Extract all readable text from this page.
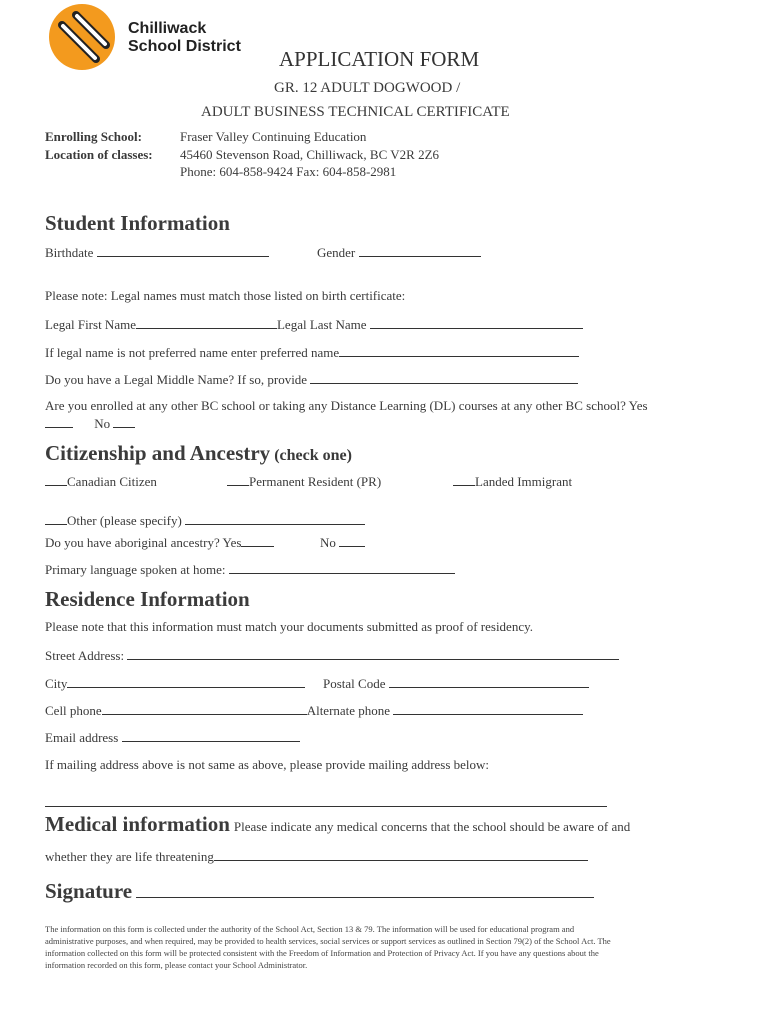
Chilliwack
School District
APPLICATION FORM
GR. 12 ADULT DOGWOOD /
ADULT BUSINESS TECHNICAL CERTIFICATE
Enrolling School:	Fraser Valley Continuing Education
Location of classes: 45460 Stevenson Road, Chilliwack, BC V2R 2Z6
Phone: 604-858-9424 Fax: 604-858-2981
Student Information
Birthdate	Gender
Please note: Legal names must match those listed on birth certificate:
Legal First Name	Legal Last Name
If legal name is not preferred name enter preferred name
Do you have a Legal Middle Name? If so, provide
Are you enrolled at any other BC school or taking any Distance Learning (DL) courses at any other BC school? Yes
No
Citizenship and Ancestry (check one)
Canadian Citizen	Permanent Resident (PR)	Landed Immigrant
Other (please specify)
Do you have aboriginal ancestry? Yes	No
Primary language spoken at home:
Residence Information
Please note that this information must match your documents submitted as proof of residency.
Street Address:
City	Postal Code
Cell phone	Alternate phone
Email address
If mailing address above is not same as above, please provide mailing address below:
Medical information Please indicate any medical concerns that the school should be aware of and
whether they are life threatening
Signature
The information on this form is collected under the authority of the School Act, Section 13 & 79. The information will be used for educational program and
administrative purposes, and when required, may be provided to health services, social services or support services as outlined in Section 79(2) of the School Act. The
information collected on this form will be protected consistent with the Freedom of Information and Protection of Privacy Act. If you have any questions about the
information recorded on this form, please contact your School Administrator.
